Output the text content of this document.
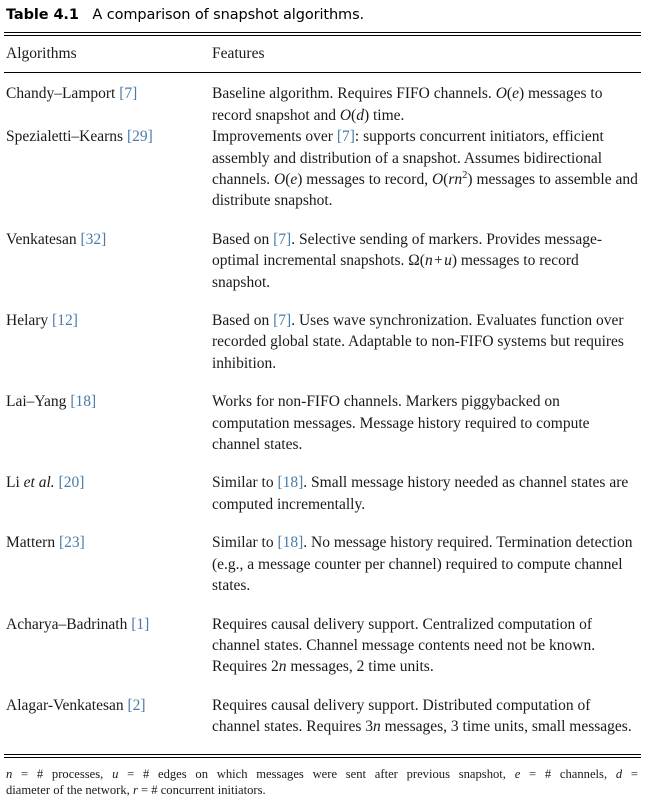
Table 4.1 A comparison of snapshot algorithms.
Algorithms	Features
Chandy–Lamport [7]	Baseline algorithm. Requires FIFO channels. O(e) messages to record snapshot and O(d) time.
Spezialetti–Kearns [29]	Improvements over [7]: supports concurrent initiators, efficient assembly and distribution of a snapshot. Assumes bidirectional channels. O(e) messages to record, $O(rn^2)$ messages to assemble and distribute snapshot.
Venkatesan [32]	Based on [7]. Selective sending of markers. Provides message-optimal incremental snapshots. Ω(n + u) messages to record snapshot.
Helary [12]	Based on [7]. Uses wave synchronization. Evaluates function over recorded global state. Adaptable to non-FIFO systems but requires inhibition.
Lai–Yang [18]	Works for non-FIFO channels. Markers piggybacked on computation messages. Message history required to compute channel states.
Li et al. [20]	Similar to [18]. Small message history needed as channel states are computed incrementally.
Mattern [23]	Similar to [18]. No message history required. Termination detection (e.g., a message counter per channel) required to compute channel states.
Acharya–Badrinath [1]	Requires causal delivery support. Centralized computation of channel states. Channel message contents need not be known. Requires 2n messages, 2 time units.
Alagar-Venkatesan [2]	Requires causal delivery support. Distributed computation of channel states. Requires 3n messages, 3 time units, small messages.
n = # processes, u = # edges on which messages were sent after previous snapshot, e = # channels, d =
diameter of the network, r = # concurrent initiators.
